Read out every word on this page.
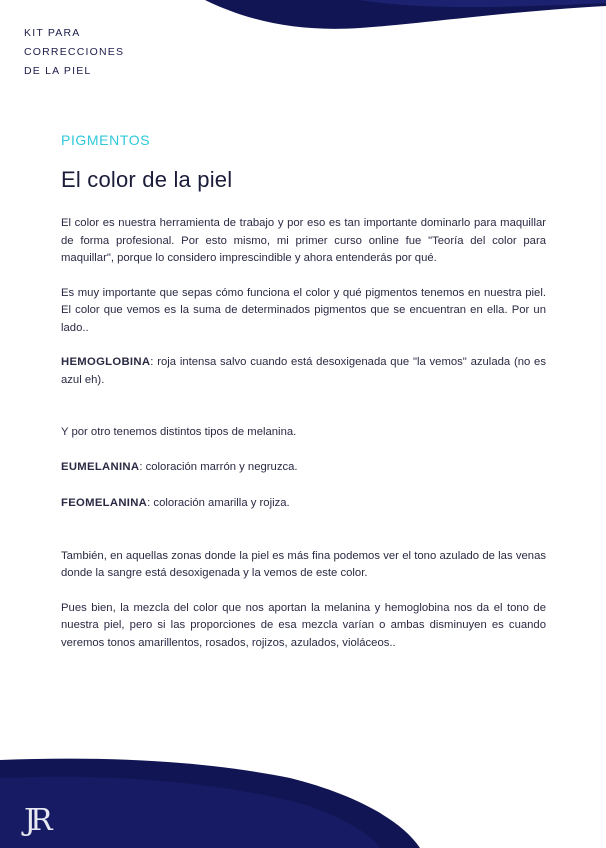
KIT PARA
CORRECCIONES
DE LA PIEL

PIGMENTOS

El color de la piel

El color es nuestra herramienta de trabajo y por eso es tan importante dominarlo para maquillar de forma profesional. Por esto mismo, mi primer curso online fue "Teoría del color para maquillar", porque lo considero imprescindible y ahora entenderás por qué.

Es muy importante que sepas cómo funciona el color y qué pigmentos tenemos en nuestra piel. El color que vemos es la suma de determinados pigmentos que se encuentran en ella. Por un lado..

HEMOGLOBINA: roja intensa salvo cuando está desoxigenada que "la vemos" azulada (no es azul eh).

Y por otro tenemos distintos tipos de melanina.

EUMELANINA: coloración marrón y negruzca.

FEOMELANINA: coloración amarilla y rojiza.

También, en aquellas zonas donde la piel es más fina podemos ver el tono azulado de las venas donde la sangre está desoxigenada y la vemos de este color.

Pues bien, la mezcla del color que nos aportan la melanina y hemoglobina nos da el tono de nuestra piel, pero si las proporciones de esa mezcla varían o ambas disminuyen es cuando veremos tonos amarillentos, rosados, rojizos, azulados, violáceos..

JR
